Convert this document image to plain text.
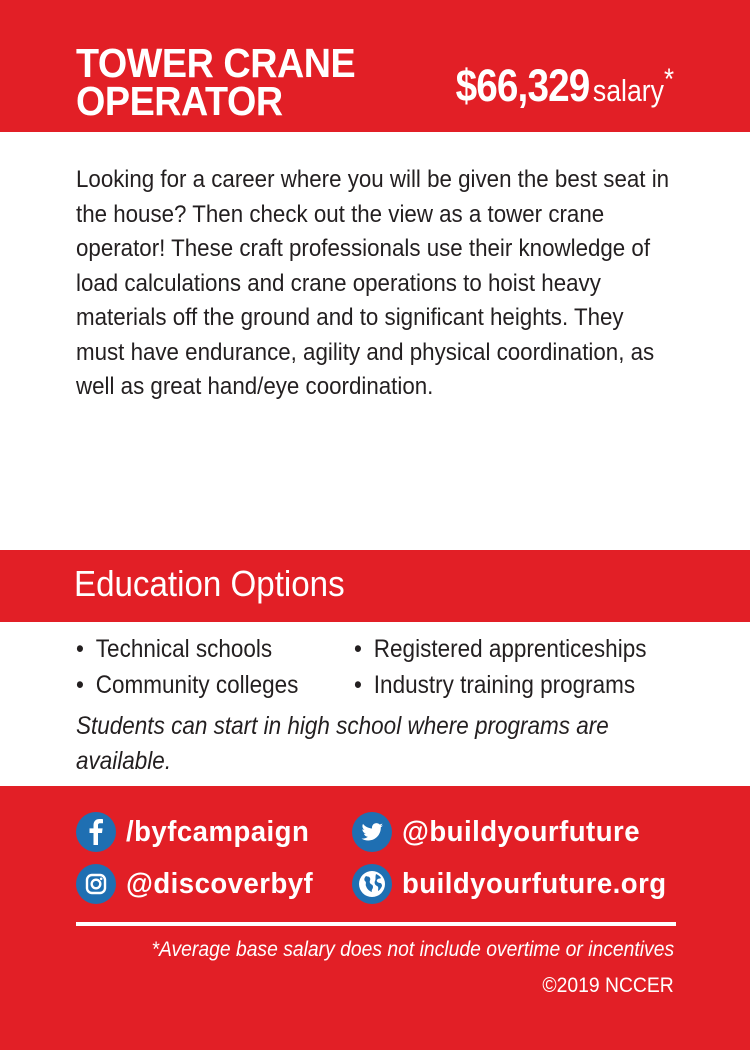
TOWER CRANE
OPERATOR	$66,329 salary*
Looking for a career where you will be given the best seat in the house? Then check out the view as a tower crane operator! These craft professionals use their knowledge of load calculations and crane operations to hoist heavy materials off the ground and to significant heights. They must have endurance, agility and physical coordination, as well as great hand/eye coordination.
Education Options
• Technical schools
• Community colleges
• Registered apprenticeships
• Industry training programs
Students can start in high school where programs are available.
/byfcampaign	@buildyourfuture
@discoverbyf	buildyourfuture.org
*Average base salary does not include overtime or incentives
©2019 NCCER
